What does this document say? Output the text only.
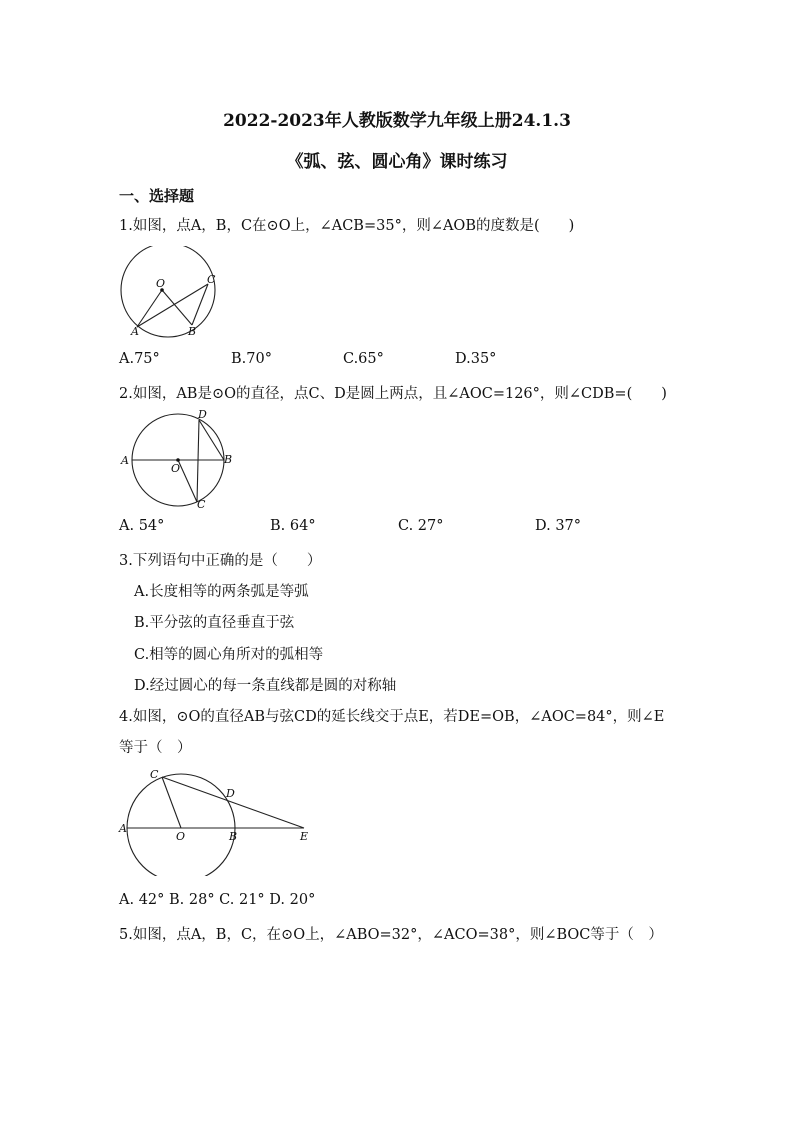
2022-2023年人教版数学九年级上册24.1.3
《弧、弦、圆心角》课时练习
一、选择题
1.如图，点A，B，C在⊙O上，∠ACB=35°，则∠AOB的度数是(　　)
O
A	B
C
A.75°	B.70°	C.65°	D.35°
2.如图，AB是⊙O的直径，点C、D是圆上两点，且∠AOC=126°，则∠CDB=(　　)
O
A	B
C
D
A. 54°	B. 64°	C. 27°	D. 37°
3.下列语句中正确的是（　　）
A.长度相等的两条弧是等弧
B.平分弦的直径垂直于弦
C.相等的圆心角所对的弧相等
D.经过圆心的每一条直线都是圆的对称轴
4.如图，⊙O的直径AB与弦CD的延长线交于点E，若DE=OB，∠AOC=84°，则∠E
等于（　）
O
A
B
C
D
E
A. 42° B. 28° C. 21° D. 20°
5.如图，点A，B，C，在⊙O上，∠ABO=32°，∠ACO=38°，则∠BOC等于（　）
